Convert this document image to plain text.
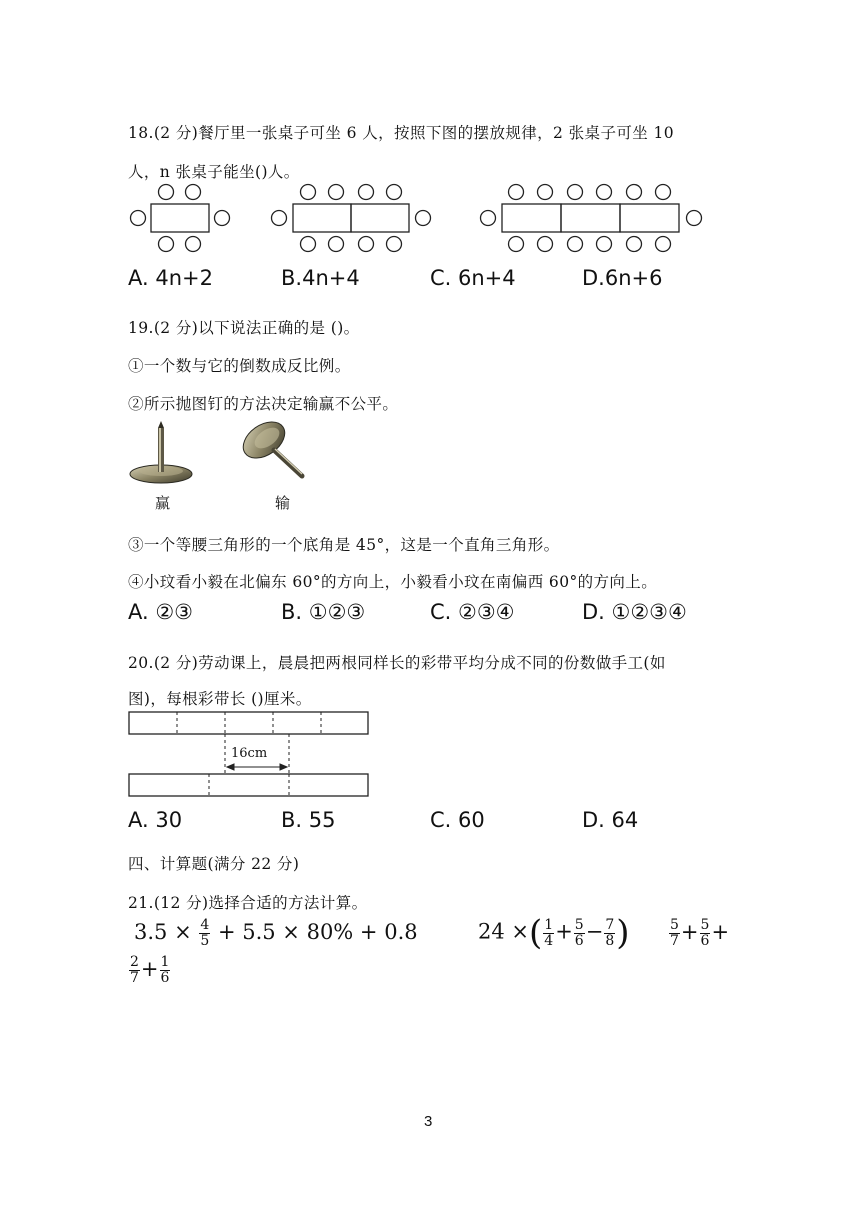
18.(2 分)餐厅里一张桌子可坐 6 人，按照下图的摆放规律，2 张桌子可坐 10
人，n 张桌子能坐()人。
A. 4n+2	B.4n+4	C. 6n+4	D.6n+6
19.(2 分)以下说法正确的是 ()。
①一个数与它的倒数成反比例。
②所示抛图钉的方法决定输赢不公平。
赢	输
③一个等腰三角形的一个底角是 45°，这是一个直角三角形。
④小玟看小毅在北偏东 60°的方向上，小毅看小玟在南偏西 60°的方向上。
A. ②③	B. ①②③	C. ②③④	D. ①②③④
20.(2 分)劳动课上，晨晨把两根同样长的彩带平均分成不同的份数做手工(如
图)，每根彩带长 ()厘米。
16cm
A. 30	B. 55	C. 60	D. 64
四、计算题(满分 22 分)
21.(12 分)选择合适的方法计算。
$3.5 \times \frac{4}{5} + 5.5 \times 80\% + 0.8$	24 ×( $\frac{1}{4} + \frac{5}{6} - \frac{7}{8}$ )	$\frac{5}{7} + \frac{5}{6}$ +
$\frac{2}{7} + \frac{1}{6}$
3
